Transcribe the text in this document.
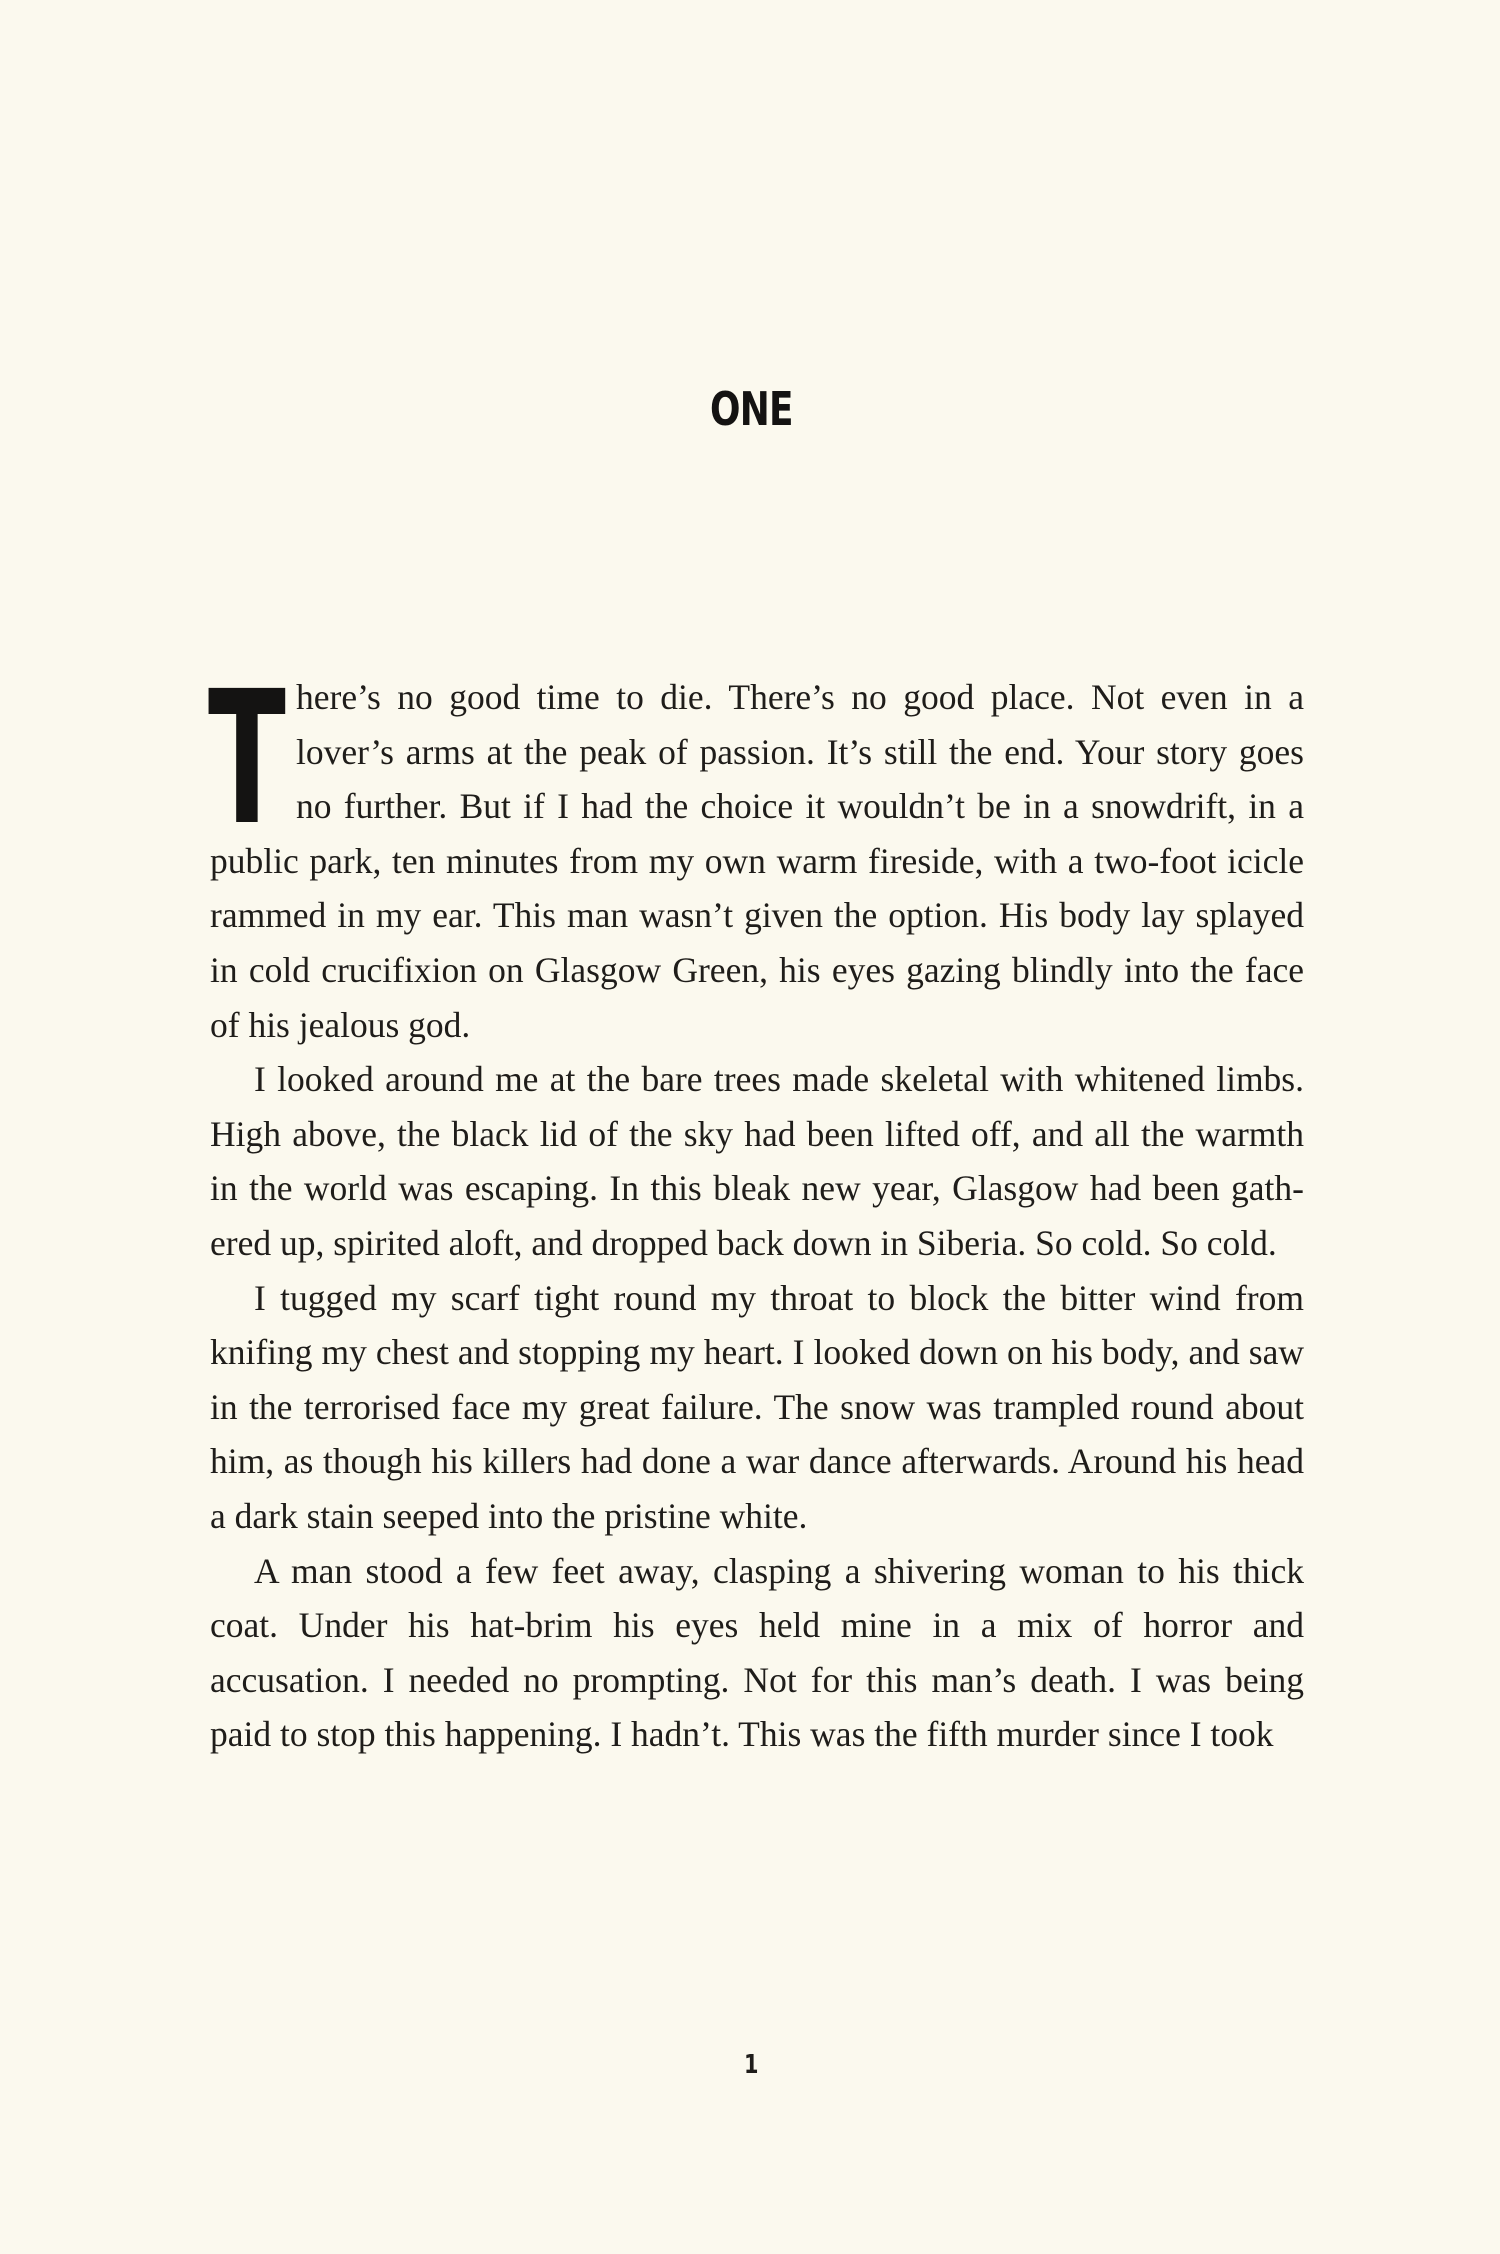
ONE

There’s no good time to die. There’s no good place. Not even in a lover’s arms at the peak of passion. It’s still the end. Your story goes no further. But if I had the choice it wouldn’t be in a snowdrift, in a public park, ten minutes from my own warm fireside, with a two-foot icicle rammed in my ear. This man wasn’t given the option. His body lay splayed in cold crucifixion on Glasgow Green, his eyes gazing blindly into the face of his jealous god.

I looked around me at the bare trees made skeletal with whitened limbs. High above, the black lid of the sky had been lifted off, and all the warmth in the world was escaping. In this bleak new year, Glasgow had been gathered up, spirited aloft, and dropped back down in Siberia. So cold. So cold.

I tugged my scarf tight round my throat to block the bitter wind from knifing my chest and stopping my heart. I looked down on his body, and saw in the terrorised face my great failure. The snow was trampled round about him, as though his killers had done a war dance afterwards. Around his head a dark stain seeped into the pristine white.

A man stood a few feet away, clasping a shivering woman to his thick coat. Under his hat-brim his eyes held mine in a mix of horror and accusation. I needed no prompting. Not for this man’s death. I was being paid to stop this happening. I hadn’t. This was the fifth murder since I took

1
